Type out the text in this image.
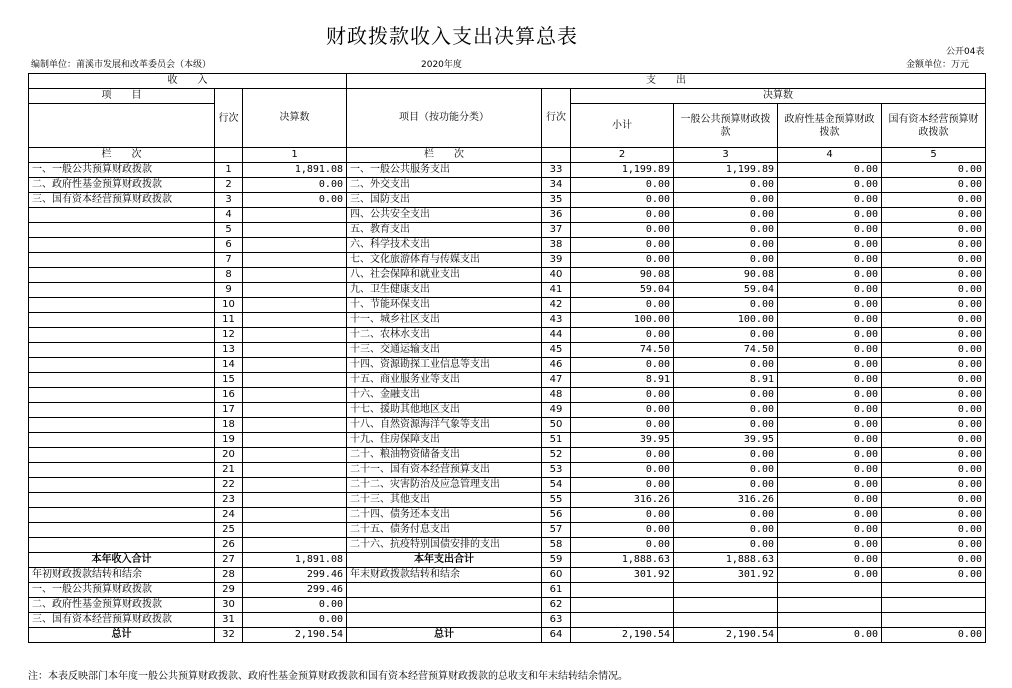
财政拨款收入支出决算总表
公开04表
编制单位：莆溪市发展和改革委员会（本级）	2020年度	金额单位：万元
收　　入			支　　出					
项　　目	行次	决算数	项目（按功能分类）	行次	决算数			
					小计	一般公共预算财政拨款	政府性基金预算财政拨款	国有资本经营预算财政拨款
栏　　次		1	栏　　次		2	3	4	5
一、一般公共预算财政拨款	1	1,891.08	一、一般公共服务支出	33	1,199.89	1,199.89	0.00	0.00
二、政府性基金预算财政拨款	2	0.00	二、外交支出	34	0.00	0.00	0.00	0.00
三、国有资本经营预算财政拨款	3	0.00	三、国防支出	35	0.00	0.00	0.00	0.00
	4		四、公共安全支出	36	0.00	0.00	0.00	0.00
	5		五、教育支出	37	0.00	0.00	0.00	0.00
	6		六、科学技术支出	38	0.00	0.00	0.00	0.00
	7		七、文化旅游体育与传媒支出	39	0.00	0.00	0.00	0.00
	8		八、社会保障和就业支出	40	90.08	90.08	0.00	0.00
	9		九、卫生健康支出	41	59.04	59.04	0.00	0.00
	10		十、节能环保支出	42	0.00	0.00	0.00	0.00
	11		十一、城乡社区支出	43	100.00	100.00	0.00	0.00
	12		十二、农林水支出	44	0.00	0.00	0.00	0.00
	13		十三、交通运输支出	45	74.50	74.50	0.00	0.00
	14		十四、资源勘探工业信息等支出	46	0.00	0.00	0.00	0.00
	15		十五、商业服务业等支出	47	8.91	8.91	0.00	0.00
	16		十六、金融支出	48	0.00	0.00	0.00	0.00
	17		十七、援助其他地区支出	49	0.00	0.00	0.00	0.00
	18		十八、自然资源海洋气象等支出	50	0.00	0.00	0.00	0.00
	19		十九、住房保障支出	51	39.95	39.95	0.00	0.00
	20		二十、粮油物资储备支出	52	0.00	0.00	0.00	0.00
	21		二十一、国有资本经营预算支出	53	0.00	0.00	0.00	0.00
	22		二十二、灾害防治及应急管理支出	54	0.00	0.00	0.00	0.00
	23		二十三、其他支出	55	316.26	316.26	0.00	0.00
	24		二十四、债务还本支出	56	0.00	0.00	0.00	0.00
	25		二十五、债务付息支出	57	0.00	0.00	0.00	0.00
	26		二十六、抗疫特别国债安排的支出	58	0.00	0.00	0.00	0.00
本年收入合计	27	1,891.08	本年支出合计	59	1,888.63	1,888.63	0.00	0.00
年初财政拨款结转和结余	28	299.46	年末财政拨款结转和结余	60	301.92	301.92	0.00	0.00
一、一般公共预算财政拨款	29	299.46		61				
二、政府性基金预算财政拨款	30	0.00		62				
三、国有资本经营预算财政拨款	31	0.00		63				
总计	32	2,190.54	总计	64	2,190.54	2,190.54	0.00	0.00
注：本表反映部门本年度一般公共预算财政拨款、政府性基金预算财政拨款和国有资本经营预算财政拨款的总收支和年末结转结余情况。
